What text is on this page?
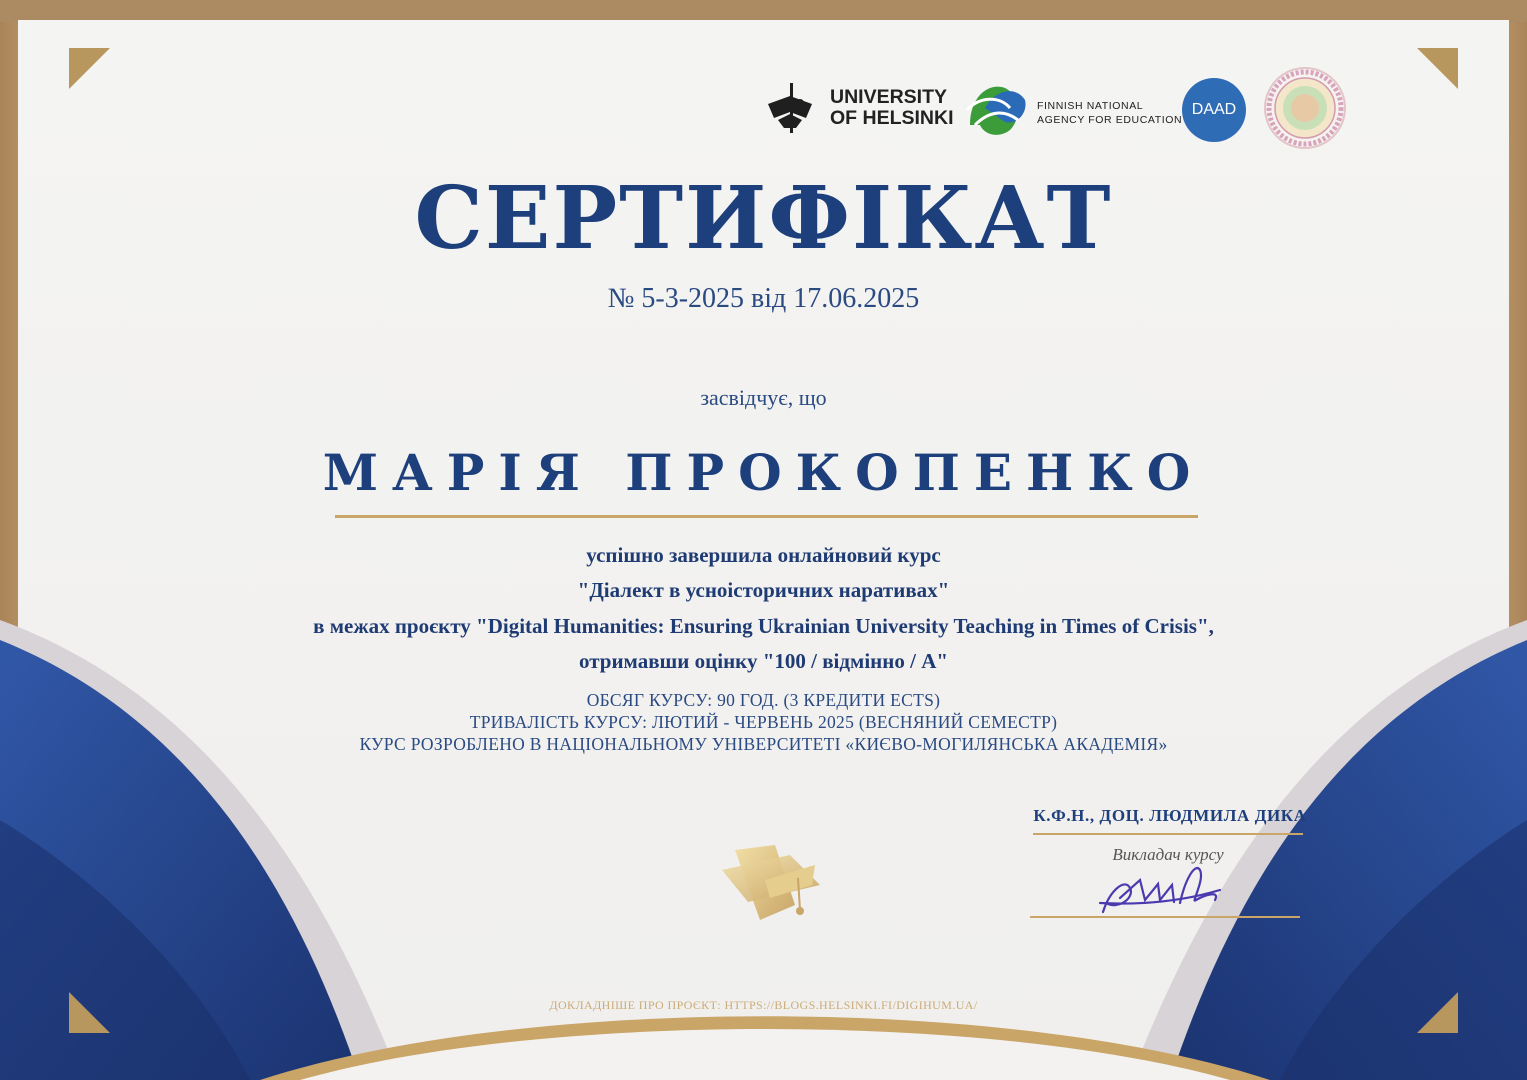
UNIVERSITY
OF HELSINKI
FINNISH NATIONAL
AGENCY FOR EDUCATION
DAAD
СЕРТИФІКАТ
№ 5-3-2025 від 17.06.2025
засвідчує, що
МАРІЯ ПРОКОПЕНКО
успішно завершила онлайновий курс
"Діалект в усноісторичних наративах"
в межах проєкту "Digital Humanities: Ensuring Ukrainian University Teaching in Times of Crisis",
отримавши оцінку "100 / відмінно / А"
ОБСЯГ КУРСУ: 90 ГОД. (3 КРЕДИТИ ECTS)
ТРИВАЛІСТЬ КУРСУ: ЛЮТИЙ - ЧЕРВЕНЬ 2025 (ВЕСНЯНИЙ СЕМЕСТР)
КУРС РОЗРОБЛЕНО В НАЦІОНАЛЬНОМУ УНІВЕРСИТЕТІ «КИЄВО-МОГИЛЯНСЬКА АКАДЕМІЯ»
К.Ф.Н., ДОЦ. ЛЮДМИЛА ДИКА
Викладач курсу
ДОКЛАДНІШЕ ПРО ПРОЄКТ: HTTPS://BLOGS.HELSINKI.FI/DIGIHUM.UA/
